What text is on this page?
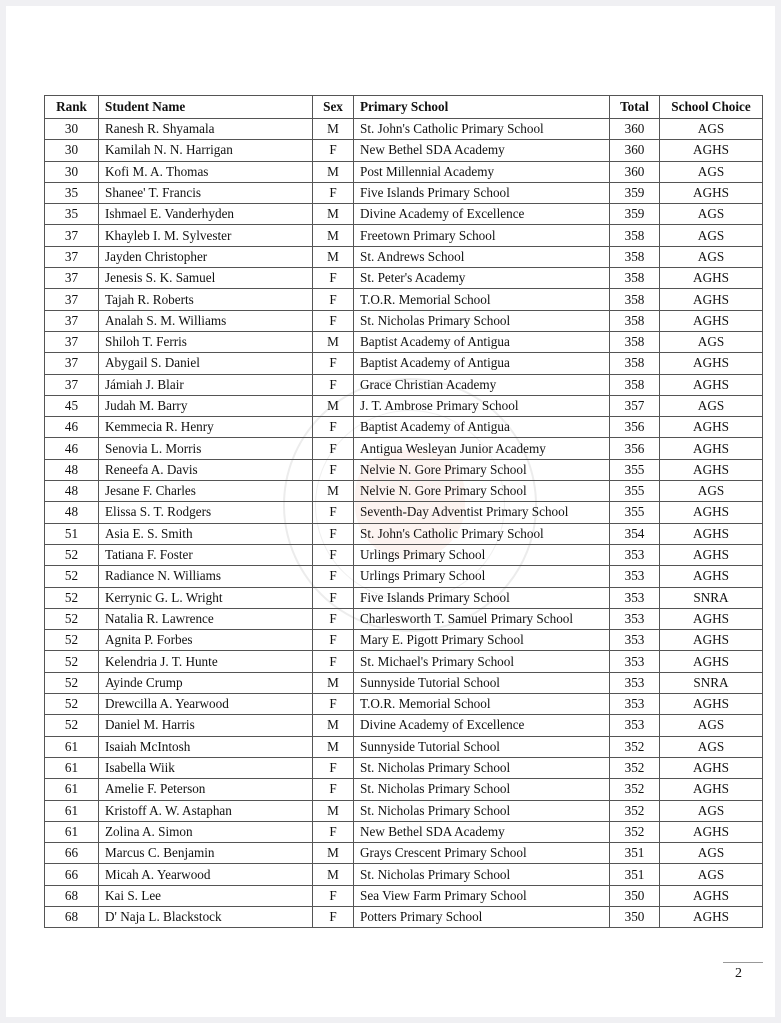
Rank	Student Name	Sex	Primary School	Total	School Choice
30	Ranesh R. Shyamala	M	St. John's Catholic Primary School	360	AGS
30	Kamilah N. N. Harrigan	F	New Bethel SDA Academy	360	AGHS
30	Kofi M. A. Thomas	M	Post Millennial Academy	360	AGS
35	Shanee' T. Francis	F	Five Islands Primary School	359	AGHS
35	Ishmael E. Vanderhyden	M	Divine Academy of Excellence	359	AGS
37	Khayleb I. M. Sylvester	M	Freetown Primary School	358	AGS
37	Jayden Christopher	M	St. Andrews School	358	AGS
37	Jenesis S. K. Samuel	F	St. Peter's Academy	358	AGHS
37	Tajah R. Roberts	F	T.O.R. Memorial School	358	AGHS
37	Analah S. M. Williams	F	St. Nicholas Primary School	358	AGHS
37	Shiloh T. Ferris	M	Baptist Academy of Antigua	358	AGS
37	Abygail S. Daniel	F	Baptist Academy of Antigua	358	AGHS
37	Jámiah J. Blair	F	Grace Christian Academy	358	AGHS
45	Judah M. Barry	M	J. T. Ambrose Primary School	357	AGS
46	Kemmecia R. Henry	F	Baptist Academy of Antigua	356	AGHS
46	Senovia L. Morris	F	Antigua Wesleyan Junior Academy	356	AGHS
48	Reneefa A. Davis	F	Nelvie N. Gore Primary School	355	AGHS
48	Jesane F. Charles	M	Nelvie N. Gore Primary School	355	AGS
48	Elissa S. T. Rodgers	F	Seventh-Day Adventist Primary School	355	AGHS
51	Asia E. S. Smith	F	St. John's Catholic Primary School	354	AGHS
52	Tatiana F. Foster	F	Urlings Primary School	353	AGHS
52	Radiance N. Williams	F	Urlings Primary School	353	AGHS
52	Kerrynic G. L. Wright	F	Five Islands Primary School	353	SNRA
52	Natalia R. Lawrence	F	Charlesworth T. Samuel Primary School	353	AGHS
52	Agnita P. Forbes	F	Mary E. Pigott Primary School	353	AGHS
52	Kelendria J. T. Hunte	F	St. Michael's Primary School	353	AGHS
52	Ayinde Crump	M	Sunnyside Tutorial School	353	SNRA
52	Drewcilla A. Yearwood	F	T.O.R. Memorial School	353	AGHS
52	Daniel M. Harris	M	Divine Academy of Excellence	353	AGS
61	Isaiah McIntosh	M	Sunnyside Tutorial School	352	AGS
61	Isabella Wiik	F	St. Nicholas Primary School	352	AGHS
61	Amelie F. Peterson	F	St. Nicholas Primary School	352	AGHS
61	Kristoff A. W. Astaphan	M	St. Nicholas Primary School	352	AGS
61	Zolina A. Simon	F	New Bethel SDA Academy	352	AGHS
66	Marcus C. Benjamin	M	Grays Crescent Primary School	351	AGS
66	Micah A. Yearwood	M	St. Nicholas Primary School	351	AGS
68	Kai S. Lee	F	Sea View Farm Primary School	350	AGHS
68	D' Naja L. Blackstock	F	Potters Primary School	350	AGHS
2
